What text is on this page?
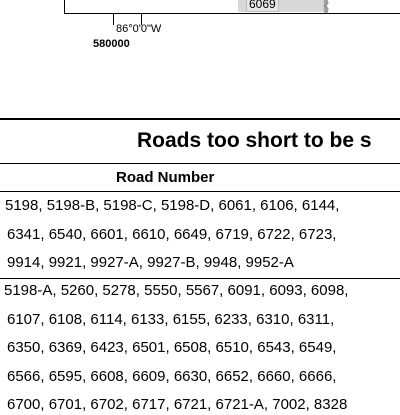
6069
86°0'0"W
580000
Roads too short to be s
Road Number
5198, 5198-B, 5198-C, 5198-D, 6061, 6106, 6144,
6341, 6540, 6601, 6610, 6649, 6719, 6722, 6723,
9914, 9921, 9927-A, 9927-B, 9948, 9952-A
5198-A, 5260, 5278, 5550, 5567, 6091, 6093, 6098,
6107, 6108, 6114, 6133, 6155, 6233, 6310, 6311,
6350, 6369, 6423, 6501, 6508, 6510, 6543, 6549,
6566, 6595, 6608, 6609, 6630, 6652, 6660, 6666,
6700, 6701, 6702, 6717, 6721, 6721-A, 7002, 8328
